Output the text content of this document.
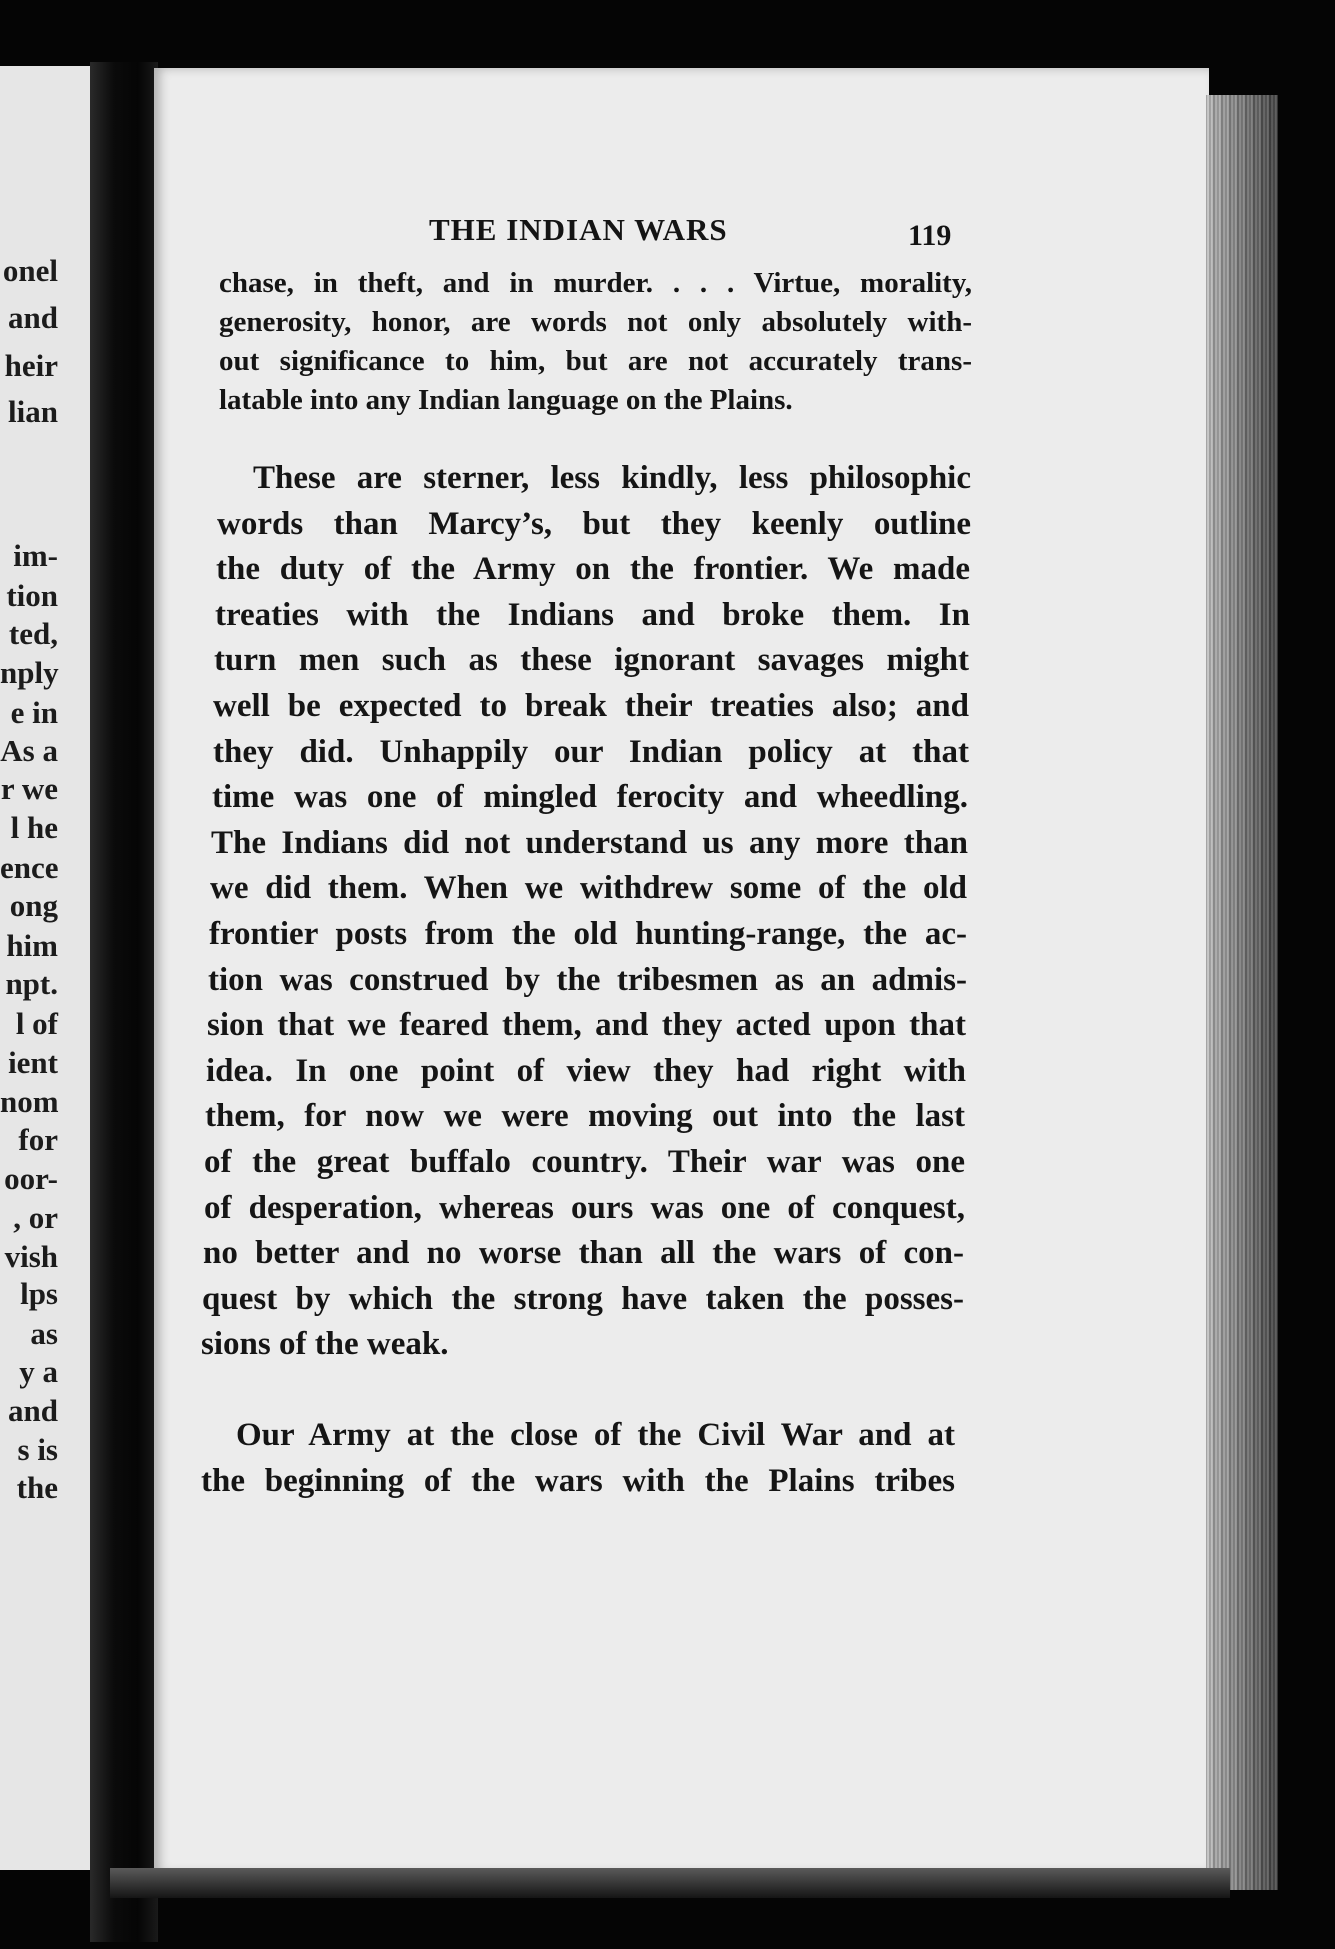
onel
and
heir
lian
im-
tion
ted,
nply
e in
As a
r we
l he
ence
ong
him
npt.
l of
ient
nom
for
oor-
, or
vish
lps
as
y a
and
s is
the
THE INDIAN WARS	119
chase, in theft, and in murder. . . . Virtue, morality,
generosity, honor, are words not only absolutely with-
out significance to him, but are not accurately trans-
latable into any Indian language on the Plains.
These are sterner, less kindly, less philosophic
words than Marcy’s, but they keenly outline
the duty of the Army on the frontier. We made
treaties with the Indians and broke them. In
turn men such as these ignorant savages might
well be expected to break their treaties also; and
they did. Unhappily our Indian policy at that
time was one of mingled ferocity and wheedling.
The Indians did not understand us any more than
we did them. When we withdrew some of the old
frontier posts from the old hunting-range, the ac-
tion was construed by the tribesmen as an admis-
sion that we feared them, and they acted upon that
idea. In one point of view they had right with
them, for now we were moving out into the last
of the great buffalo country. Their war was one
of desperation, whereas ours was one of conquest,
no better and no worse than all the wars of con-
quest by which the strong have taken the posses-
sions of the weak.
Our Army at the close of the Civil War and at
the beginning of the wars with the Plains tribes
